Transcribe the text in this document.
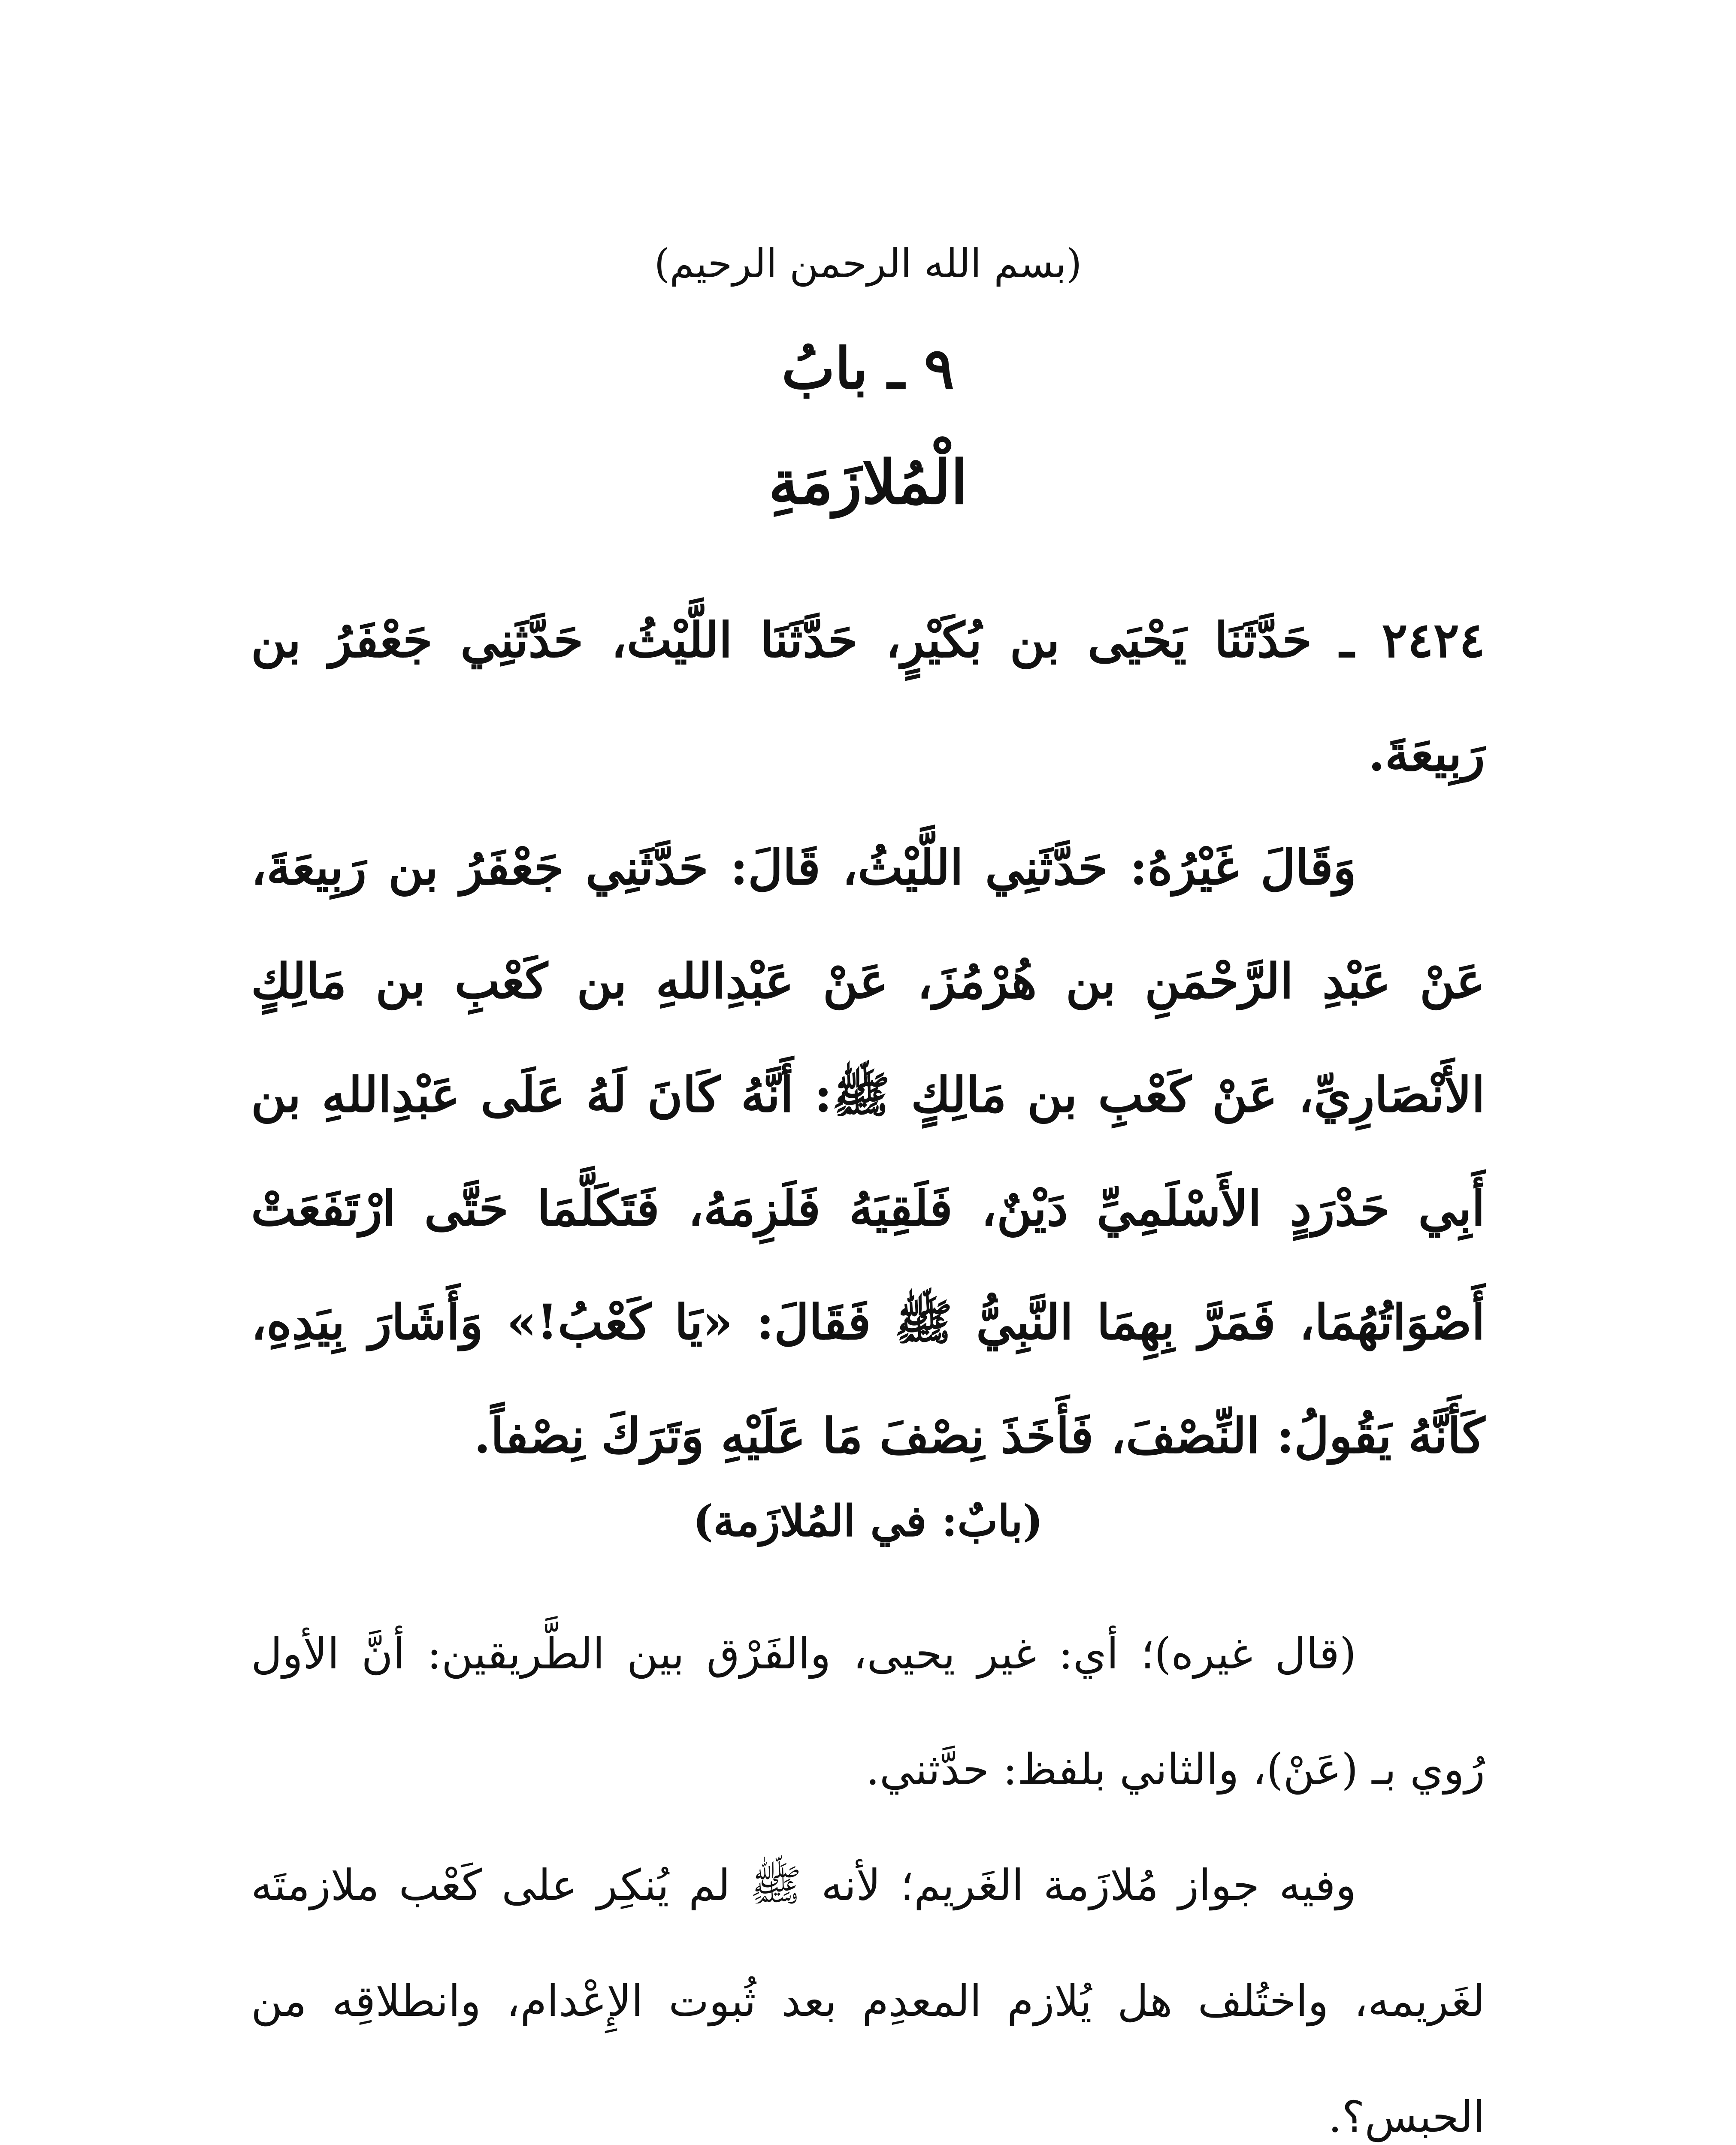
(بسم الله الرحمن الرحيم)
٩ ـ بابُ
الْمُلازَمَةِ

٢٤٢٤ ـ حَدَّثَنَا يَحْيَى بن بُكَيْرٍ، حَدَّثَنَا اللَّيْثُ، حَدَّثَنِي جَعْفَرُ بن رَبِيعَةَ.

وَقَالَ غَيْرُهُ: حَدَّثَنِي اللَّيْثُ، قَالَ: حَدَّثَنِي جَعْفَرُ بن رَبِيعَةَ، عَنْ عَبْدِ الرَّحْمَنِ بن هُرْمُزَ، عَنْ عَبْدِاللهِ بن كَعْبِ بن مَالِكٍ الأَنْصَارِيِّ، عَنْ كَعْبِ بن مَالِكٍ ﷺ: أَنَّهُ كَانَ لَهُ عَلَى عَبْدِاللهِ بن أَبِي حَدْرَدٍ الأَسْلَمِيِّ دَيْنٌ، فَلَقِيَهُ فَلَزِمَهُ، فَتَكَلَّمَا حَتَّى ارْتَفَعَتْ أَصْوَاتُهُمَا، فَمَرَّ بِهِمَا النَّبِيُّ ﷺ فَقَالَ: «يَا كَعْبُ!» وَأَشَارَ بِيَدِهِ، كَأَنَّهُ يَقُولُ: النِّصْفَ، فَأَخَذَ نِصْفَ مَا عَلَيْهِ وَتَرَكَ نِصْفاً.

(بابٌ: في المُلازَمة)

(قال غيره)؛ أي: غير يحيى، والفَرْق بين الطَّريقين: أنَّ الأول رُوي بـ (عَنْ)، والثاني بلفظ: حدَّثني.

وفيه جواز مُلازَمة الغَريم؛ لأنه ﷺ لم يُنكِر على كَعْب ملازمتَه لغَريمه، واختُلف هل يُلازم المعدِم بعد ثُبوت الإِعْدام، وانطلاقِه من الحبس؟.
